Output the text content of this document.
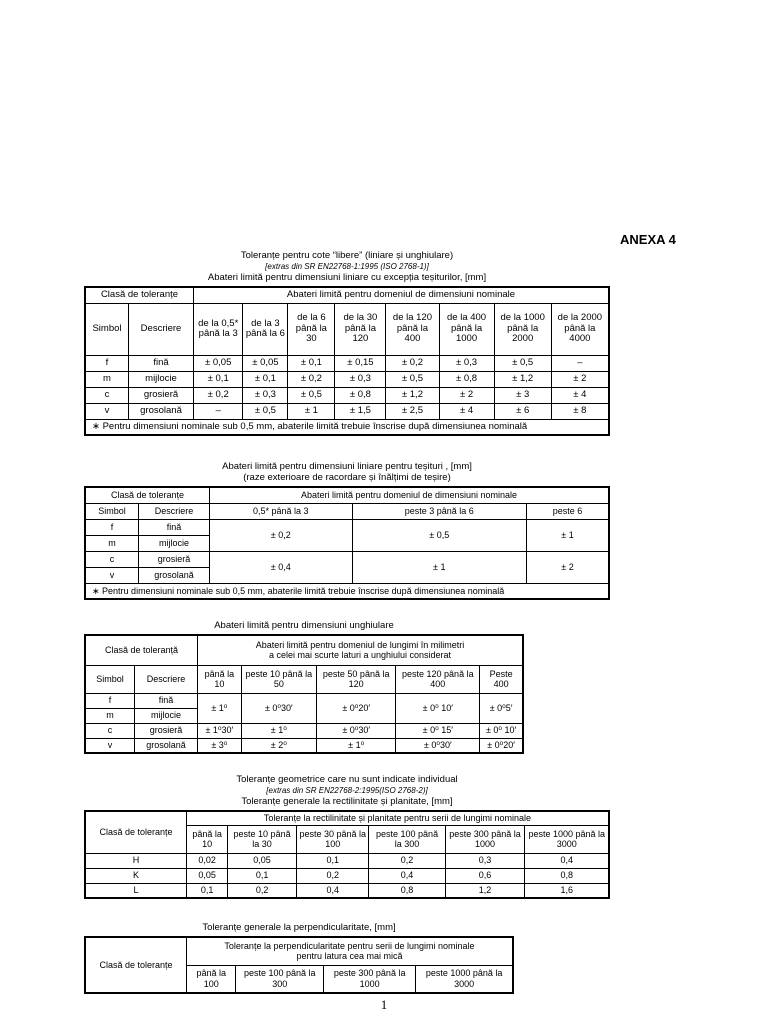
ANEXA 4
Toleranțe pentru cote “libere” (liniare și unghiulare)
[extras din SR EN22768-1:1995 (ISO 2768-1)]
Abateri limită pentru dimensiuni liniare cu excepția teșiturilor, [mm]
Clasă de toleranțe		Abateri limită pentru domeniul de dimensiuni nominale							
Simbol	Descriere	de la 0,5* până la 3	de la 3 până la 6	de la 6 până la 30	de la 30 până la 120	de la 120 până la 400	de la 400 până la 1000	de la 1000 până la 2000	de la 2000 până la 4000
f	fină	± 0,05	± 0,05	± 0,1	± 0,15	± 0,2	± 0,3	± 0,5	–
m	mijlocie	± 0,1	± 0,1	± 0,2	± 0,3	± 0,5	± 0,8	± 1,2	± 2
c	grosieră	± 0,2	± 0,3	± 0,5	± 0,8	± 1,2	± 2	± 3	± 4
v	grosolană	–	± 0,5	± 1	± 1,5	± 2,5	± 4	± 6	± 8
∗ Pentru dimensiuni nominale sub 0,5 mm, abaterile limită trebuie înscrise după dimensiunea nominală									
Abateri limită pentru dimensiuni liniare pentru teșituri , [mm]
(raze exterioare de racordare și înălțimi de teșire)
Clasă de toleranțe		Abateri limită pentru domeniul de dimensiuni nominale		
Simbol	Descriere	0,5* până la 3	peste 3 până la 6	peste 6
f	fină	± 0,2	± 0,5	± 1
m	mijlocie			
c	grosieră	± 0,4	± 1	± 2
v	grosolană			
∗ Pentru dimensiuni nominale sub 0,5 mm, abaterile limită trebuie înscrise după dimensiunea nominală				
Abateri limită pentru dimensiuni unghiulare
Clasă de toleranță		Abateri limită pentru domeniul de lungimi în milimetri
a celei mai scurte laturi a unghiului considerat				

Simbol	Descriere	până la 10	peste 10 până la 50	peste 50 până la 120	peste 120 până la 400	Peste 400
f	fină	± 1⁰	± 0⁰30′	± 0⁰20′	± 0⁰ 10′	± 0⁰5′
m	mijlocie					
c	grosieră	± 1⁰30′	± 1⁰	± 0⁰30′	± 0⁰ 15′	± 0⁰ 10′
v	grosolană	± 3⁰	± 2⁰	± 1⁰	± 0⁰30′	± 0⁰20′
Toleranțe geometrice care nu sunt indicate individual
[extras din SR EN22768-2:1995(ISO 2768-2)]
Toleranțe generale la rectilinitate și planitate, [mm]
Clasă de toleranțe	Toleranțe la rectilinitate și planitate pentru serii de lungimi nominale					
	până la 10	peste 10 până la 30	peste 30 până la 100	peste 100 până la 300	peste 300 până la 1000	peste 1000 până la 3000
H	0,02	0,05	0,1	0,2	0,3	0,4
K	0,05	0,1	0,2	0,4	0,6	0,8
L	0,1	0,2	0,4	0,8	1,2	1,6
Toleranțe generale la perpendicularitate, [mm]
Clasă de toleranțe	Toleranțe la perpendicularitate pentru serii de lungimi nominale
pentru latura cea mai mică			

	până la 100	peste 100 până la 300	peste 300 până la 1000	peste 1000 până la 3000
1
